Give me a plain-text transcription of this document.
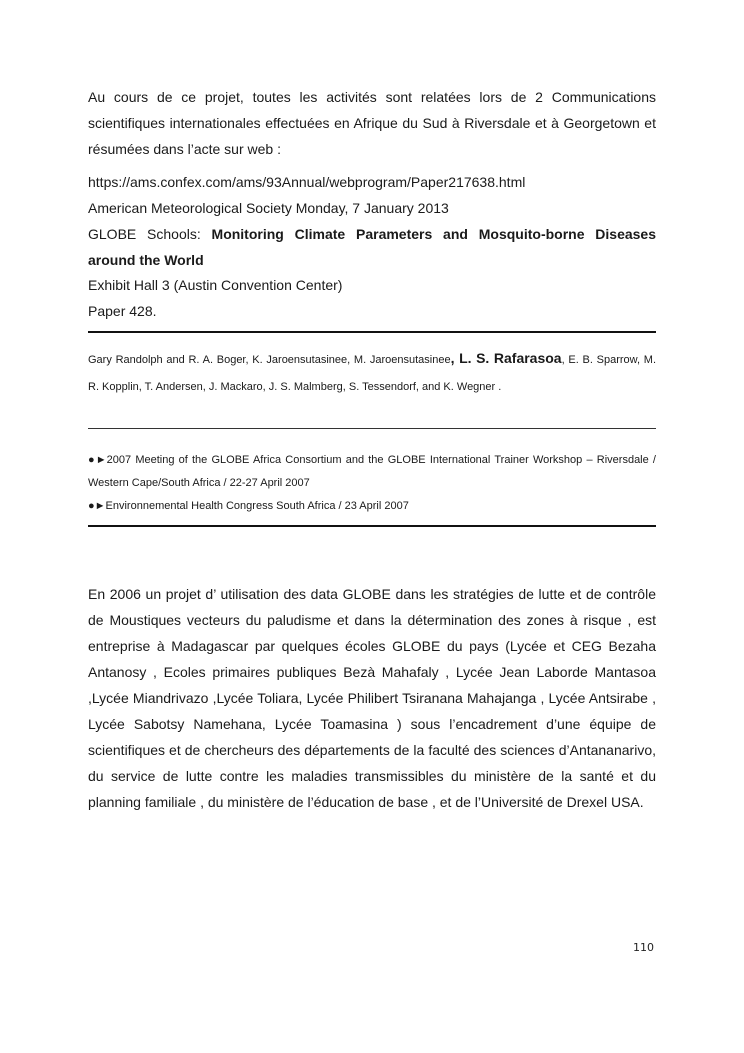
Au cours de ce projet, toutes les activités sont relatées lors de 2 Communications scientifiques internationales effectuées en Afrique du Sud à Riversdale et à Georgetown et résumées dans l’acte sur web :

https://ams.confex.com/ams/93Annual/webprogram/Paper217638.html

American Meteorological Society Monday, 7 January 2013

GLOBE Schools: Monitoring Climate Parameters and Mosquito-borne Diseases around the World

Exhibit Hall 3 (Austin Convention Center)

Paper 428.

Gary Randolph and R. A. Boger, K. Jaroensutasinee, M. Jaroensutasinee, L. S. Rafarasoa, E. B. Sparrow, M. R. Kopplin, T. Andersen, J. Mackaro, J. S. Malmberg, S. Tessendorf, and K. Wegner .

●►2007 Meeting of the GLOBE Africa Consortium and the GLOBE International Trainer Workshop – Riversdale / Western Cape/South Africa / 22-27 April 2007

●►Environnemental Health Congress South Africa / 23 April 2007

En 2006 un projet d’ utilisation des data GLOBE dans les stratégies de lutte et de contrôle de Moustiques vecteurs du paludisme et dans la détermination des zones à risque , est entreprise à Madagascar par quelques écoles GLOBE du pays (Lycée et CEG Bezaha Antanosy , Ecoles primaires publiques Bezà Mahafaly , Lycée Jean Laborde Mantasoa ,Lycée Miandrivazo ,Lycée Toliara, Lycée Philibert Tsiranana Mahajanga , Lycée Antsirabe , Lycée Sabotsy Namehana, Lycée Toamasina ) sous l’encadrement d’une équipe de scientifiques et de chercheurs des départements de la faculté des sciences d’Antananarivo, du service de lutte contre les maladies transmissibles du ministère de la santé et du planning familiale , du ministère de l’éducation de base , et de l’Université de Drexel USA.

110
